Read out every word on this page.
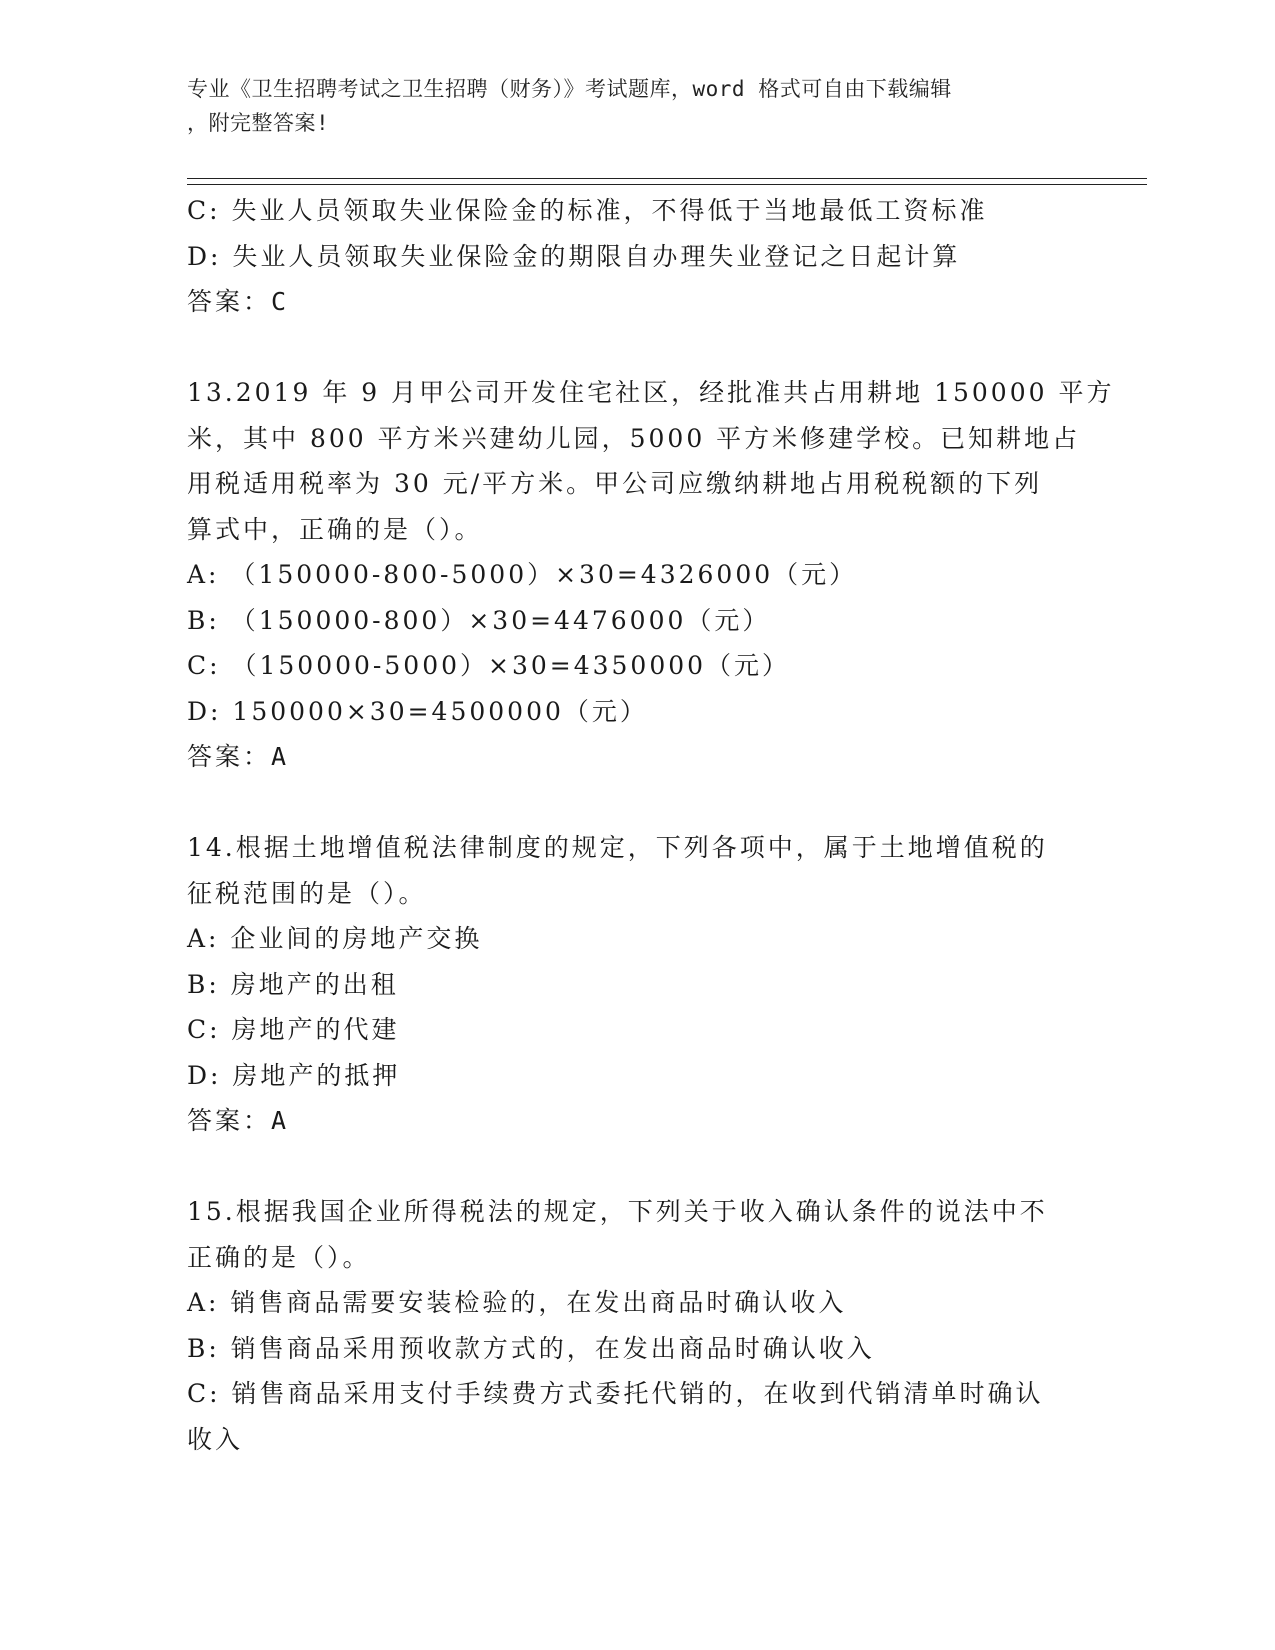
专业《卫生招聘考试之卫生招聘（财务）》考试题库，word 格式可自由下载编辑
，附完整答案!
C: 失业人员领取失业保险金的标准，不得低于当地最低工资标准
D: 失业人员领取失业保险金的期限自办理失业登记之日起计算
答案：C
13.2019 年 9 月甲公司开发住宅社区，经批准共占用耕地 150000 平方
米，其中 800 平方米兴建幼儿园，5000 平方米修建学校。已知耕地占
用税适用税率为 30 元/平方米。甲公司应缴纳耕地占用税税额的下列
算式中，正确的是（）。
A: （150000-800-5000）×30=4326000（元）
B: （150000-800）×30=4476000（元）
C: （150000-5000）×30=4350000（元）
D: 150000×30=4500000（元）
答案：A
14.根据土地增值税法律制度的规定，下列各项中，属于土地增值税的
征税范围的是（）。
A: 企业间的房地产交换
B: 房地产的出租
C: 房地产的代建
D: 房地产的抵押
答案：A
15.根据我国企业所得税法的规定，下列关于收入确认条件的说法中不
正确的是（）。
A: 销售商品需要安装检验的，在发出商品时确认收入
B: 销售商品采用预收款方式的，在发出商品时确认收入
C: 销售商品采用支付手续费方式委托代销的，在收到代销清单时确认
收入
